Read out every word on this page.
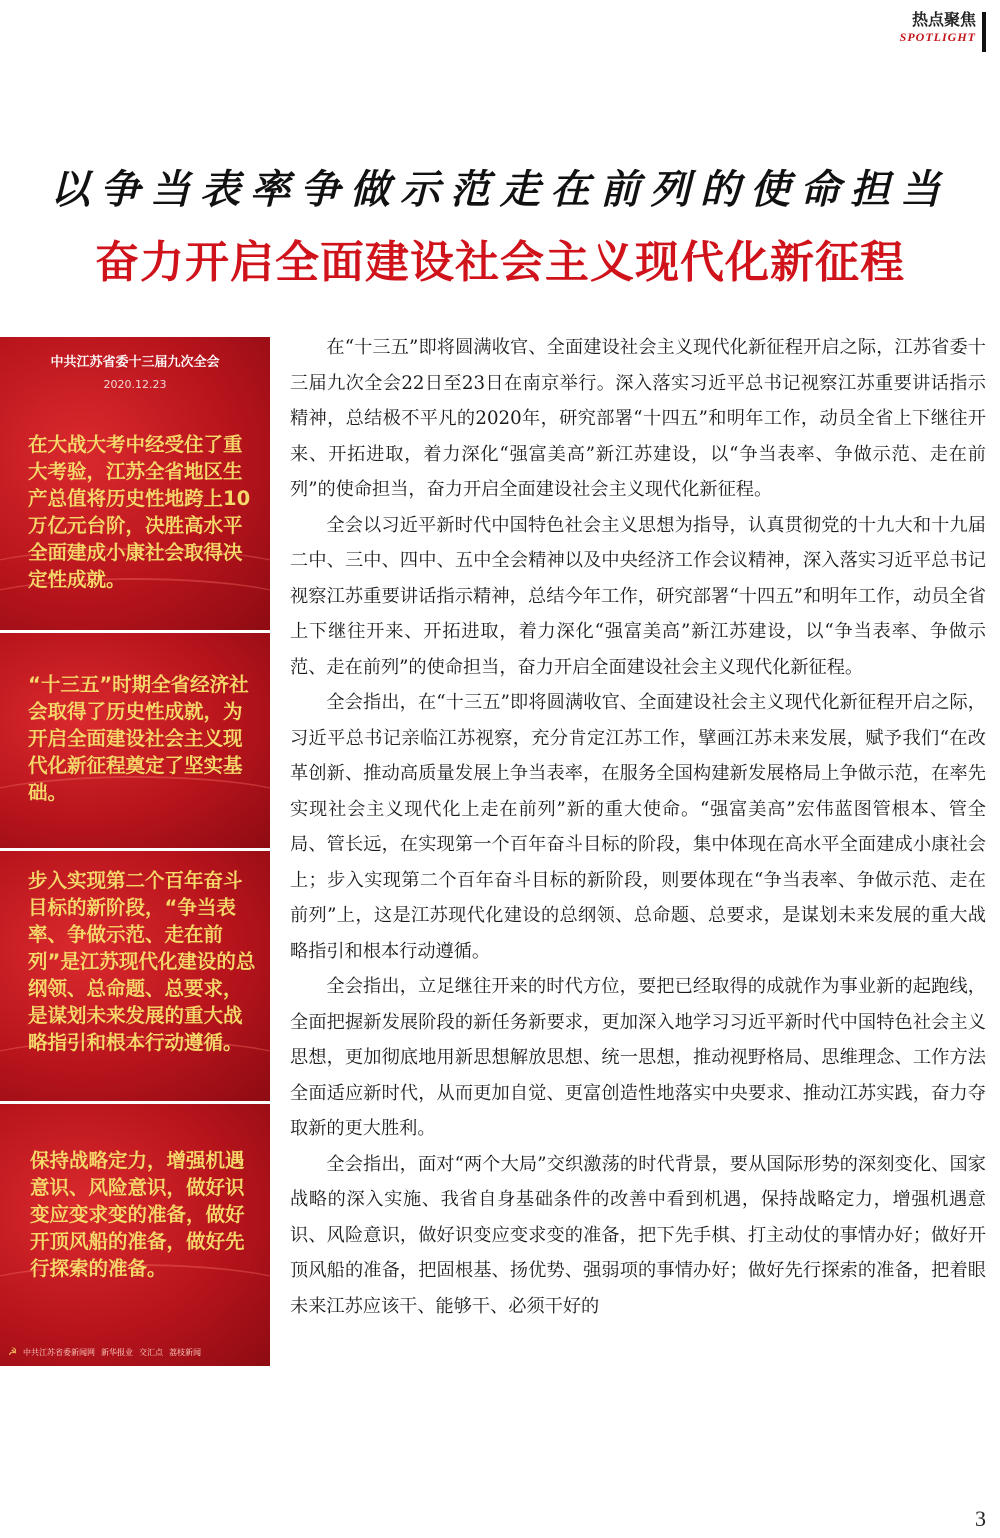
热点聚焦
SPOTLIGHT
以争当表率争做示范走在前列的使命担当
奋力开启全面建设社会主义现代化新征程
中共江苏省委十三届九次全会
2020.12.23
在大战大考中经受住了重大考验，江苏全省地区生产总值将历史性地跨上10万亿元台阶，决胜高水平全面建成小康社会取得决定性成就。
“十三五”时期全省经济社会取得了历史性成就，为开启全面建设社会主义现代化新征程奠定了坚实基础。
步入实现第二个百年奋斗目标的新阶段，“争当表率、争做示范、走在前列”是江苏现代化建设的总纲领、总命题、总要求，是谋划未来发展的重大战略指引和根本行动遵循。
保持战略定力，增强机遇意识、风险意识，做好识变应变求变的准备，做好开顶风船的准备，做好先行探索的准备。
☭ 中共江苏省委新闻网 新华报业 交汇点 荔枝新闻

在“十三五”即将圆满收官、全面建设社会主义现代化新征程开启之际，江苏省委十三届九次全会22日至23日在南京举行。深入落实习近平总书记视察江苏重要讲话指示精神，总结极不平凡的2020年，研究部署“十四五”和明年工作，动员全省上下继往开来、开拓进取，着力深化“强富美高”新江苏建设，以“争当表率、争做示范、走在前列”的使命担当，奋力开启全面建设社会主义现代化新征程。

全会以习近平新时代中国特色社会主义思想为指导，认真贯彻党的十九大和十九届二中、三中、四中、五中全会精神以及中央经济工作会议精神，深入落实习近平总书记视察江苏重要讲话指示精神，总结今年工作，研究部署“十四五”和明年工作，动员全省上下继往开来、开拓进取，着力深化“强富美高”新江苏建设，以“争当表率、争做示范、走在前列”的使命担当，奋力开启全面建设社会主义现代化新征程。

全会指出，在“十三五”即将圆满收官、全面建设社会主义现代化新征程开启之际，习近平总书记亲临江苏视察，充分肯定江苏工作，擘画江苏未来发展，赋予我们“在改革创新、推动高质量发展上争当表率，在服务全国构建新发展格局上争做示范，在率先实现社会主义现代化上走在前列”新的重大使命。“强富美高”宏伟蓝图管根本、管全局、管长远，在实现第一个百年奋斗目标的阶段，集中体现在高水平全面建成小康社会上；步入实现第二个百年奋斗目标的新阶段，则要体现在“争当表率、争做示范、走在前列”上，这是江苏现代化建设的总纲领、总命题、总要求，是谋划未来发展的重大战略指引和根本行动遵循。

全会指出，立足继往开来的时代方位，要把已经取得的成就作为事业新的起跑线，全面把握新发展阶段的新任务新要求，更加深入地学习习近平新时代中国特色社会主义思想，更加彻底地用新思想解放思想、统一思想，推动视野格局、思维理念、工作方法全面适应新时代，从而更加自觉、更富创造性地落实中央要求、推动江苏实践，奋力夺取新的更大胜利。

全会指出，面对“两个大局”交织激荡的时代背景，要从国际形势的深刻变化、国家战略的深入实施、我省自身基础条件的改善中看到机遇，保持战略定力，增强机遇意识、风险意识，做好识变应变求变的准备，把下先手棋、打主动仗的事情办好；做好开顶风船的准备，把固根基、扬优势、强弱项的事情办好；做好先行探索的准备，把着眼未来江苏应该干、能够干、必须干好的

3
